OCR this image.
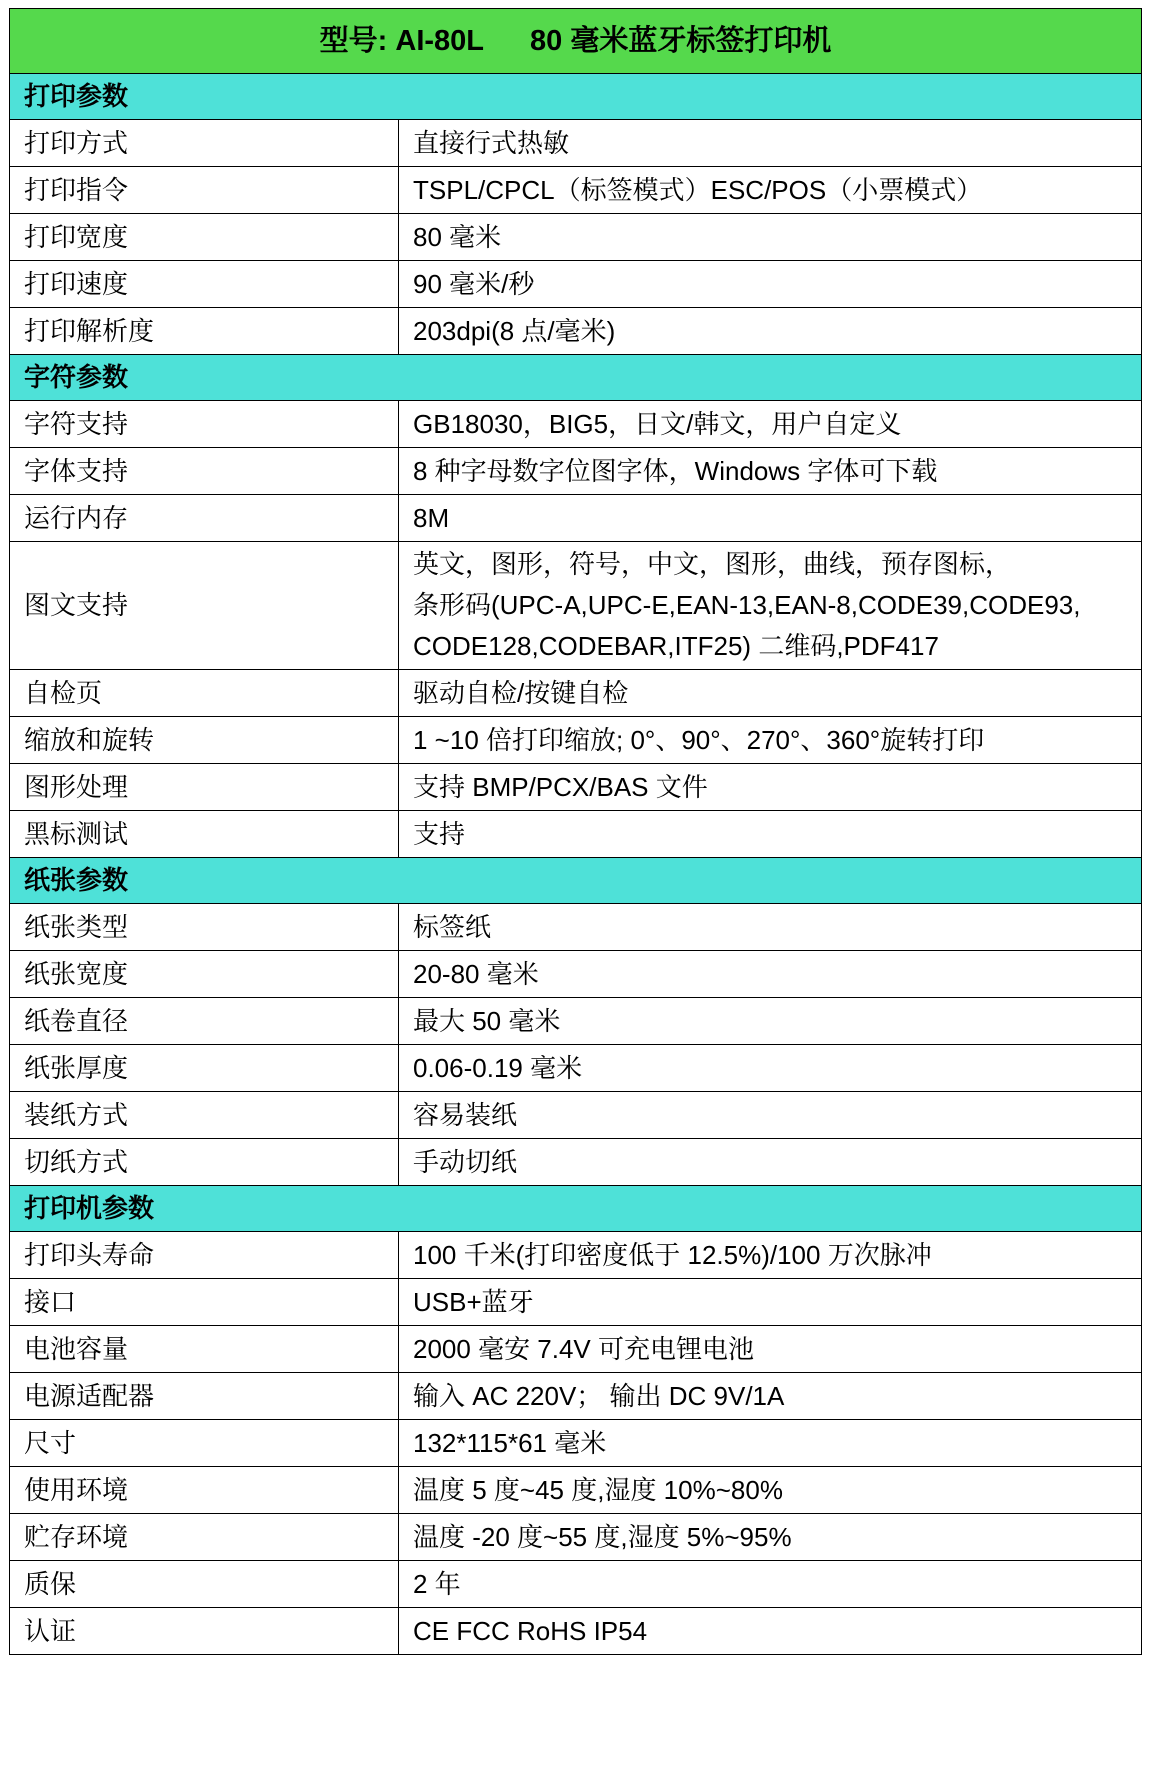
型号: AI-80L 80 毫米蓝牙标签打印机	
打印参数	
打印方式	直接行式热敏

打印指令	TSPL/CPCL（标签模式）ESC/POS（小票模式）

打印宽度	80 毫米

打印速度	90 毫米/秒

打印解析度	203dpi(8 点/毫米)

字符参数	
字符支持	GB18030，BIG5，日文/韩文，用户自定义

字体支持	8 种字母数字位图字体，Windows 字体可下载

运行内存	8M

图文支持	英文，图形，符号，中文，图形，曲线，预存图标，
条形码(UPC-A,UPC-E,EAN-13,EAN-8,CODE39,CODE93,
CODE128,CODEBAR,ITF25) 二维码,PDF417

自检页	驱动自检/按键自检

缩放和旋转	1 ~10 倍打印缩放; 0°、90°、270°、360°旋转打印

图形处理	支持 BMP/PCX/BAS 文件

黑标测试	支持

纸张参数	
纸张类型	标签纸

纸张宽度	20-80 毫米

纸卷直径	最大 50 毫米

纸张厚度	0.06-0.19 毫米

装纸方式	容易装纸

切纸方式	手动切纸

打印机参数	
打印头寿命	100 千米(打印密度低于 12.5%)/100 万次脉冲

接口	USB+蓝牙

电池容量	2000 毫安 7.4V 可充电锂电池

电源适配器	输入 AC 220V； 输出 DC 9V/1A

尺寸	132*115*61 毫米

使用环境	温度 5 度~45 度,湿度 10%~80%

贮存环境	温度 -20 度~55 度,湿度 5%~95%

质保	2 年

认证	CE FCC RoHS IP54
